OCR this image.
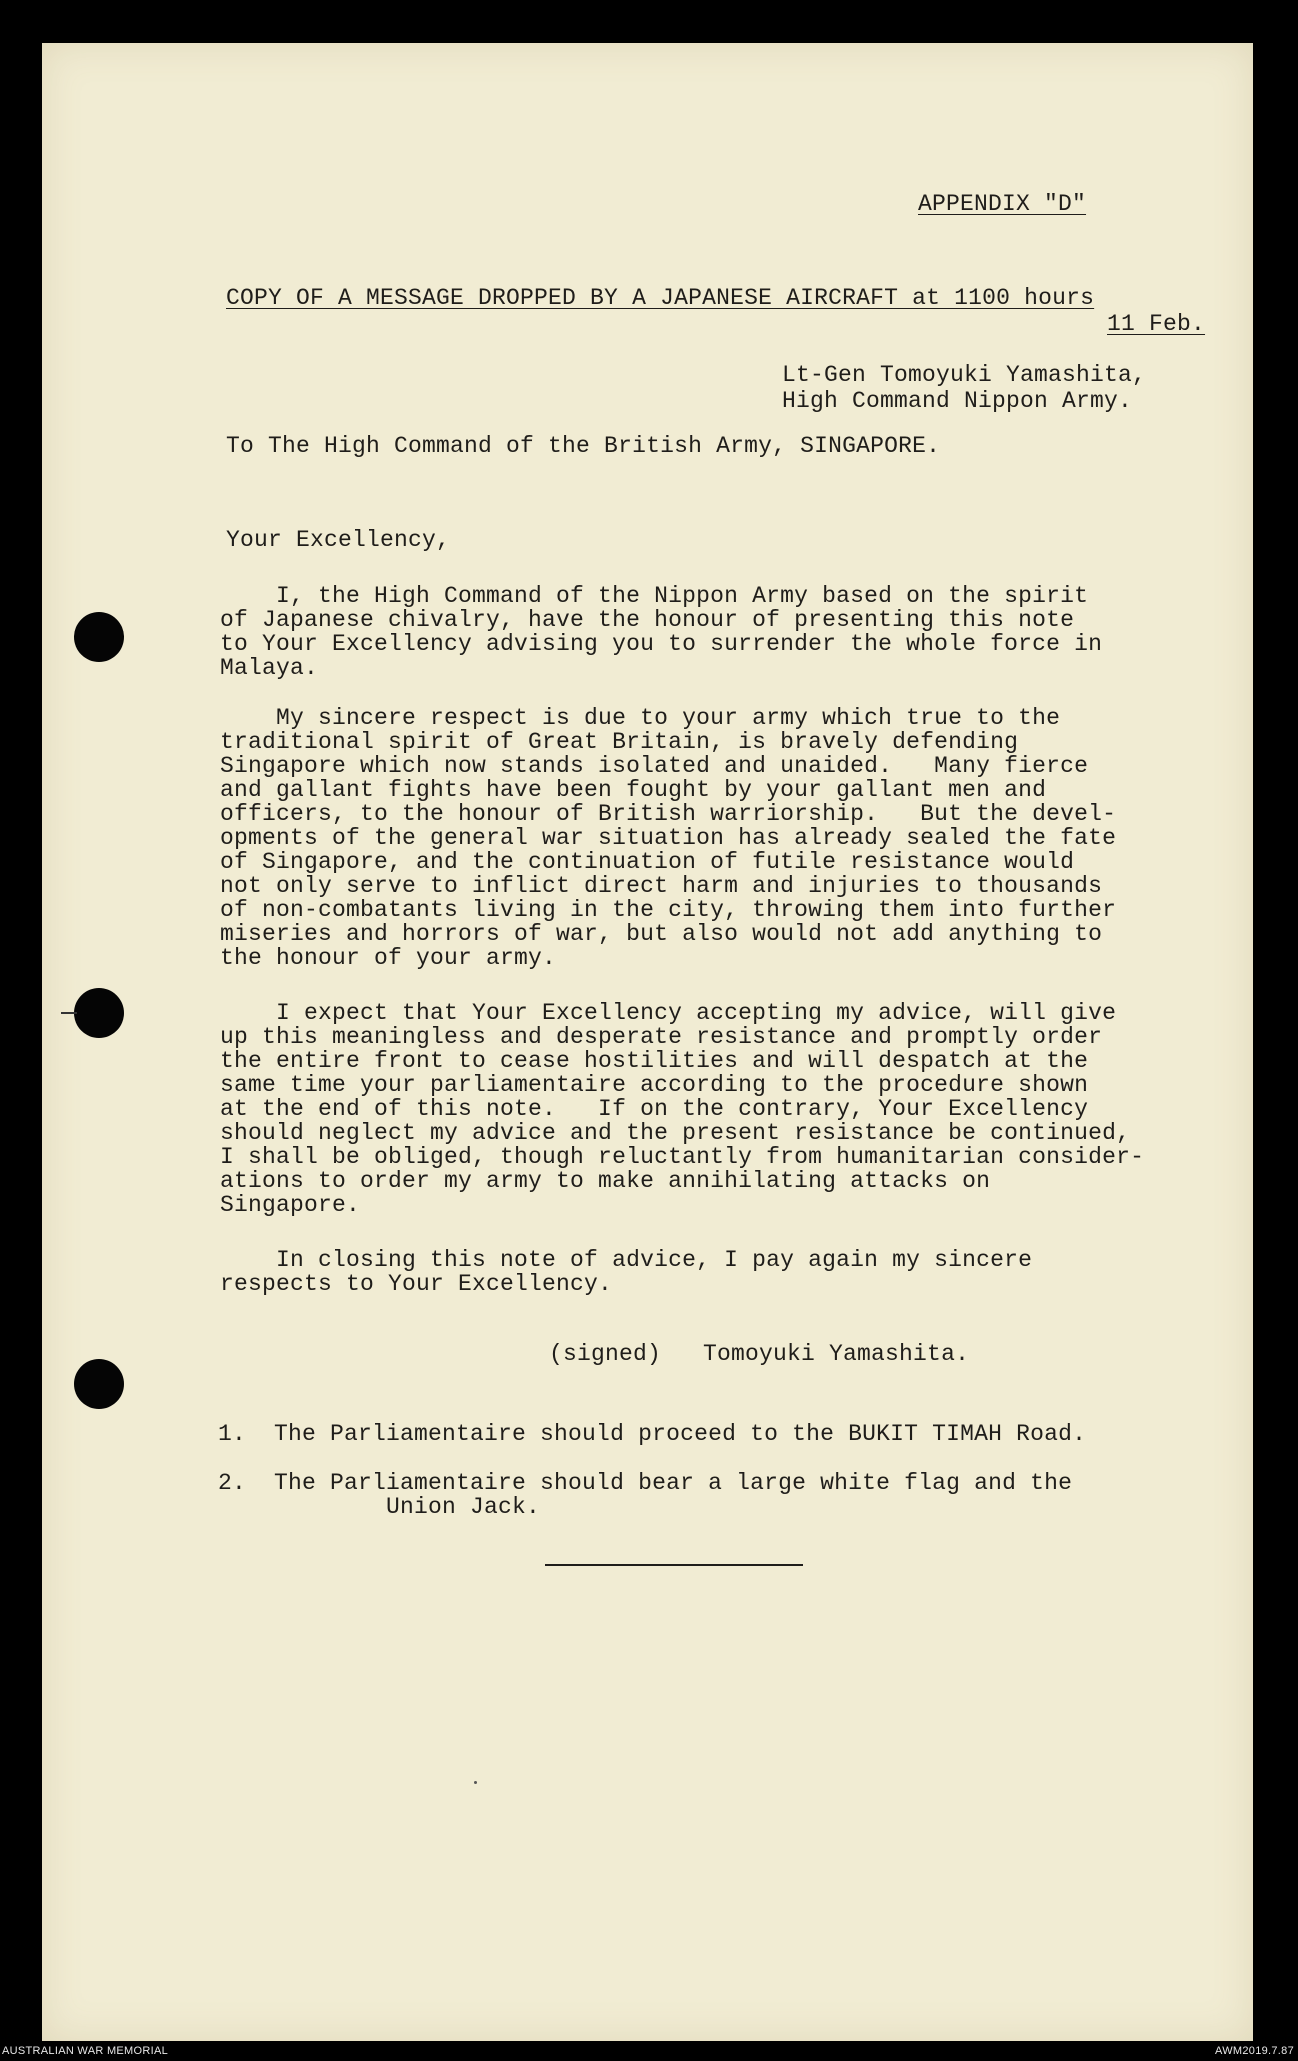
APPENDIX "D"
COPY OF A MESSAGE DROPPED BY A JAPANESE AIRCRAFT at 1100 hours
11 Feb.
Lt-Gen Tomoyuki Yamashita,
High Command Nippon Army.
To The High Command of the British Army, SINGAPORE.
Your Excellency,
I, the High Command of the Nippon Army based on the spirit
of Japanese chivalry, have the honour of presenting this note
to Your Excellency advising you to surrender the whole force in
Malaya.
My sincere respect is due to your army which true to the
traditional spirit of Great Britain, is bravely defending
Singapore which now stands isolated and unaided.   Many fierce
and gallant fights have been fought by your gallant men and
officers, to the honour of British warriorship.   But the devel-
opments of the general war situation has already sealed the fate
of Singapore, and the continuation of futile resistance would
not only serve to inflict direct harm and injuries to thousands
of non-combatants living in the city, throwing them into further
miseries and horrors of war, but also would not add anything to
the honour of your army.
I expect that Your Excellency accepting my advice, will give
up this meaningless and desperate resistance and promptly order
the entire front to cease hostilities and will despatch at the
same time your parliamentaire according to the procedure shown
at the end of this note.   If on the contrary, Your Excellency
should neglect my advice and the present resistance be continued,
I shall be obliged, though reluctantly from humanitarian consider-
ations to order my army to make annihilating attacks on
Singapore.
In closing this note of advice, I pay again my sincere
respects to Your Excellency.
(signed)   Tomoyuki Yamashita.
1.  The Parliamentaire should proceed to the BUKIT TIMAH Road.
2.  The Parliamentaire should bear a large white flag and the
Union Jack.
AUSTRALIAN WAR MEMORIAL	AWM2019.7.87
